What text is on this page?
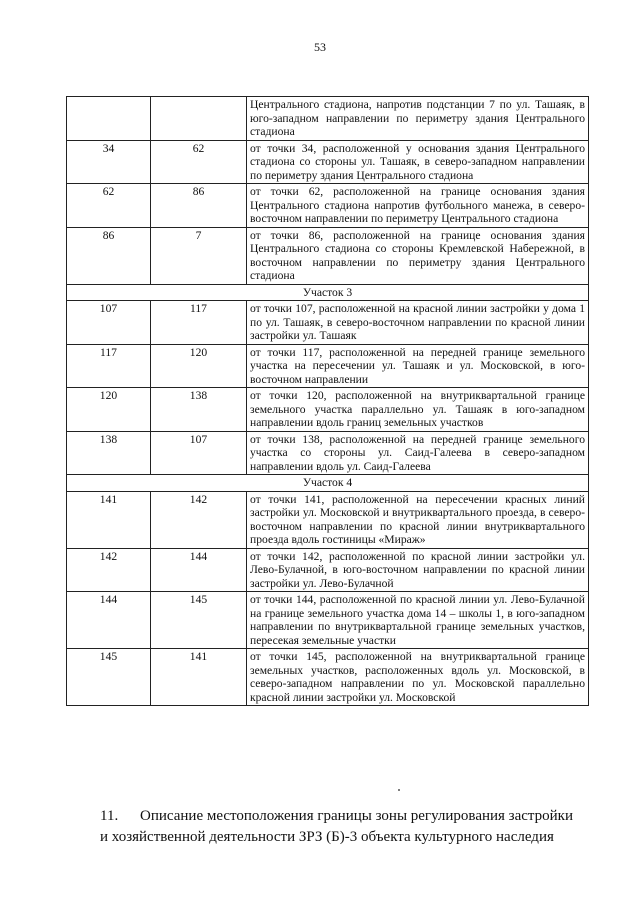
53
		Центрального стадиона, напротив подстанции 7 по ул. Ташаяк, в юго-западном направлении по периметру здания Центрального стадиона
34	62	от точки 34, расположенной у основания здания Центрального стадиона со стороны ул. Ташаяк, в северо-западном направлении по периметру здания Центрального стадиона
62	86	от точки 62, расположенной на границе основания здания Центрального стадиона напротив футбольного манежа, в северо-восточном направлении по периметру Центрального стадиона
86	7	от точки 86, расположенной на границе основания здания Центрального стадиона со стороны Кремлевской Набережной, в восточном направлении по периметру здания Центрального стадиона
Участок 3		
107	117	от точки 107, расположенной на красной линии застройки у дома 1 по ул. Ташаяк, в северо-восточном направлении по красной линии застройки ул. Ташаяк
117	120	от точки 117, расположенной на передней границе земельного участка на пересечении ул. Ташаяк и ул. Московской, в юго-восточном направлении
120	138	от точки 120, расположенной на внутриквартальной границе земельного участка параллельно ул. Ташаяк в юго-западном направлении вдоль границ земельных участков
138	107	от точки 138, расположенной на передней границе земельного участка со стороны ул. Саид-Галеева в северо-западном направлении вдоль ул. Саид-Галеева
Участок 4		
141	142	от точки 141, расположенной на пересечении красных линий застройки ул. Московской и внутриквартального проезда, в северо-восточном направлении по красной линии внутриквартального проезда вдоль гостиницы «Мираж»
142	144	от точки 142, расположенной по красной линии застройки ул. Лево-Булачной, в юго-восточном направлении по красной линии застройки ул. Лево-Булачной
144	145	от точки 144, расположенной по красной линии ул. Лево-Булачной на границе земельного участка дома 14 – школы 1, в юго-западном направлении по внутриквартальной границе земельных участков, пересекая земельные участки
145	141	от точки 145, расположенной на внутриквартальной границе земельных участков, расположенных вдоль ул. Московской, в северо-западном направлении по ул. Московской параллельно красной линии застройки ул. Московской
11. Описание местоположения границы зоны регулирования застройки и хозяйственной деятельности ЗРЗ (Б)-3 объекта культурного наследия
